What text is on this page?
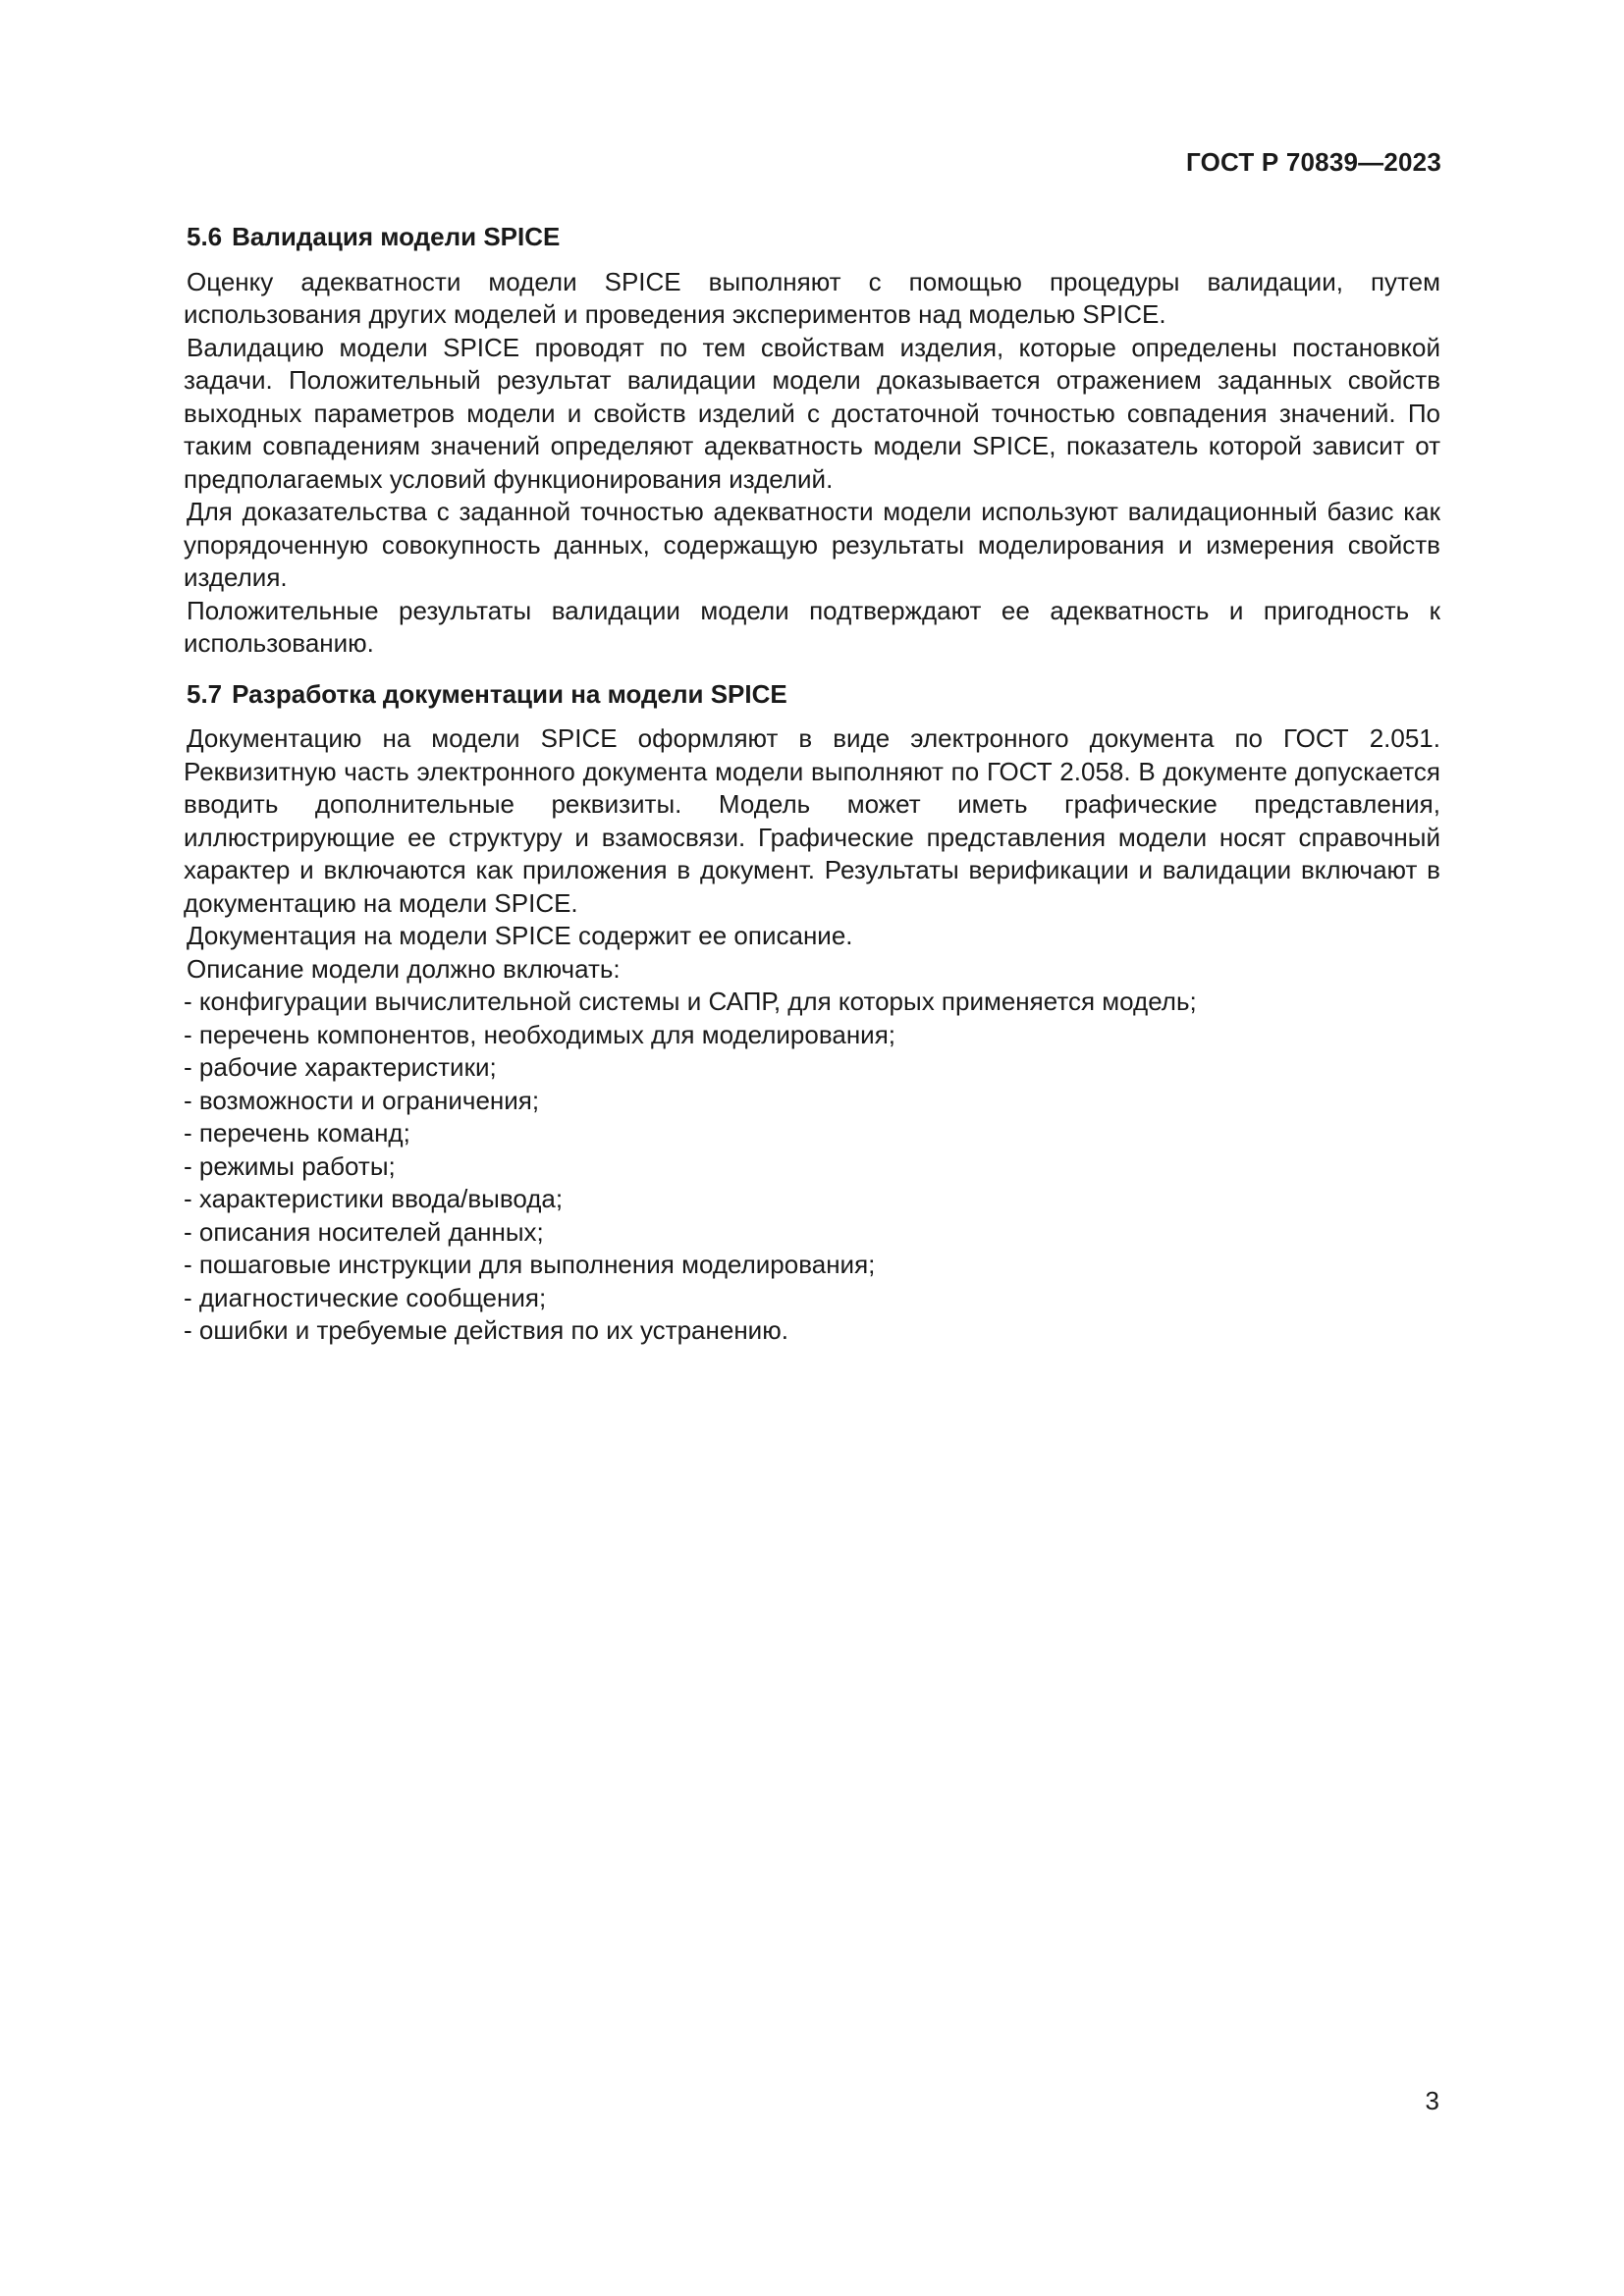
ГОСТ Р 70839—2023
5.6 Валидация модели SPICE

Оценку адекватности модели SPICE выполняют с помощью процедуры валидации, путем использования других моделей и проведения экспериментов над моделью SPICE.

Валидацию модели SPICE проводят по тем свойствам изделия, которые определены постановкой задачи. Положительный результат валидации модели доказывается отражением заданных свойств выходных параметров модели и свойств изделий с достаточной точностью совпадения значений. По таким совпадениям значений определяют адекватность модели SPICE, показатель которой зависит от предполагаемых условий функционирования изделий.

Для доказательства с заданной точностью адекватности модели используют валидационный базис как упорядоченную совокупность данных, содержащую результаты моделирования и измерения свойств изделия.

Положительные результаты валидации модели подтверждают ее адекватность и пригодность к использованию.

5.7 Разработка документации на модели SPICE

Документацию на модели SPICE оформляют в виде электронного документа по ГОСТ 2.051. Реквизитную часть электронного документа модели выполняют по ГОСТ 2.058. В документе допускается вводить дополнительные реквизиты. Модель может иметь графические представления, иллюстрирующие ее структуру и взамосвязи. Графические представления модели носят справочный характер и включаются как приложения в документ. Результаты верификации и валидации включают в документацию на модели SPICE.

Документация на модели SPICE содержит ее описание.

Описание модели должно включать:

- конфигурации вычислительной системы и САПР, для которых применяется модель;
- перечень компонентов, необходимых для моделирования;
- рабочие характеристики;
- возможности и ограничения;
- перечень команд;
- режимы работы;
- характеристики ввода/вывода;
- описания носителей данных;
- пошаговые инструкции для выполнения моделирования;
- диагностические сообщения;
- ошибки и требуемые действия по их устранению.
3
